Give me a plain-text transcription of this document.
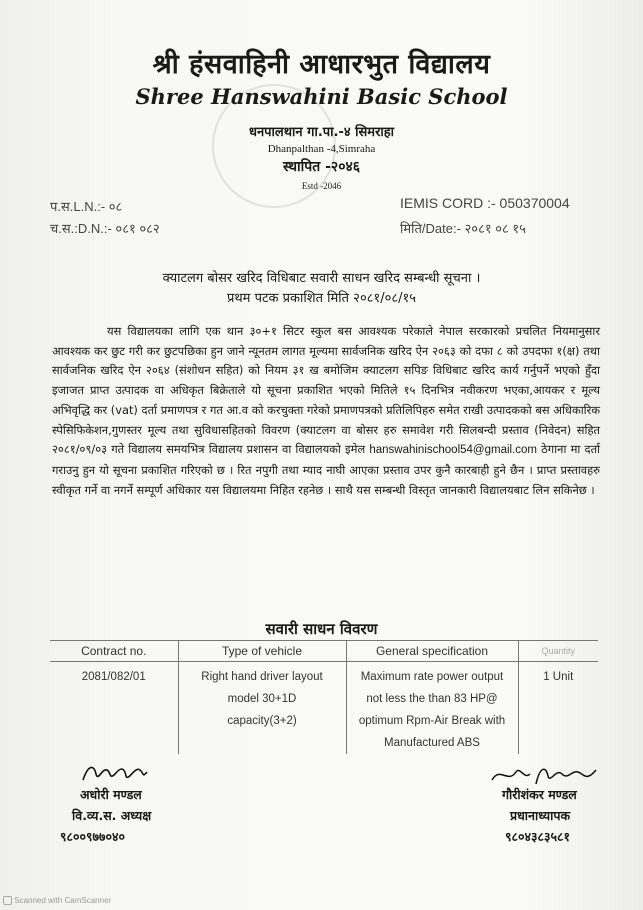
श्री हंसवाहिनी आधारभुत विद्यालय
Shree Hanswahini Basic School
धनपालथान गा.पा.-४ सिमराहा
Dhanpalthan -4,Simraha
स्थापित -२०४६
Estd -2046
प.स.L.N.:- ०८
च.स.:D.N.:- ०८१ ०८२
IEMIS CORD :- 050370004
मिति/Date:- २०८१ ०८ १५
क्याटलग बोसर खरिद विधिबाट सवारी साधन खरिद सम्बन्धी सूचना ।
प्रथम पटक प्रकाशित मिति २०८१/०८/१५
यस विद्यालयका लागि एक थान ३०+१ सिटर स्कुल बस आवश्यक परेकाले नेपाल सरकारको प्रचलित नियमानुसार आवश्यक कर छुट गरी कर छुटपछिका हुन जाने न्यूनतम लागत मूल्यमा सार्वजनिक खरिद ऐन २०६३ को दफा ८ को उपदफा १(क्ष) तथा सार्वजनिक खरिद ऐन २०६४ (संशोधन सहित) को नियम ३१ ख बमोजिम क्याटलग सपिङ विधिबाट खरिद कार्य गर्नुपर्ने भएको हुँदा इजाजत प्राप्त उत्पादक वा अधिकृत बिक्रेताले यो सूचना प्रकाशित भएको मितिले १५ दिनभित्र नवीकरण भएका,आयकर र मूल्य अभिवृद्धि कर (vat) दर्ता प्रमाणपत्र र गत आ.व को करचुक्ता गरेको प्रमाणपत्रको प्रतिलिपिहरु समेत राखी उत्पादकको बस अधिकारिक स्पेसिफिकेशन,गुणस्तर मूल्य तथा सुविधासहितको विवरण (क्याटलग वा बोसर हरु समावेश गरी सिलबन्दी प्रस्ताव (निवेदन) सहित २०८१/०९/०३ गते विद्यालय समयभित्र विद्यालय प्रशासन वा विद्यालयको इमेल hanswahinischool54@gmail.com ठेगाना मा दर्ता गराउनु हुन यो सूचना प्रकाशित गरिएको छ । रित नपुगी तथा म्याद नाघी आएका प्रस्ताव उपर कुनै कारबाही हुने छैन । प्राप्त प्रस्तावहरु स्वीकृत गर्ने वा नगर्ने सम्पूर्ण अधिकार यस विद्यालयमा निहित रहनेछ । साथै यस सम्बन्धी विस्तृत जानकारी विद्यालयबाट लिन सकिनेछ ।
सवारी साधन विवरण
Contract no.	Type of vehicle	General specification	Quantity
2081/082/01	Right hand driver layout model 30+1D capacity(3+2)	Maximum rate power output not less the than 83 HP@ optimum Rpm-Air Break with Manufactured ABS	1 Unit
अधोरी मण्डल
वि.व्य.स. अध्यक्ष
९८००९७७०४०
गौरीशंकर मण्डल
प्रधानाध्यापक
९८०४३८३५८१
Scanned with CamScanner
